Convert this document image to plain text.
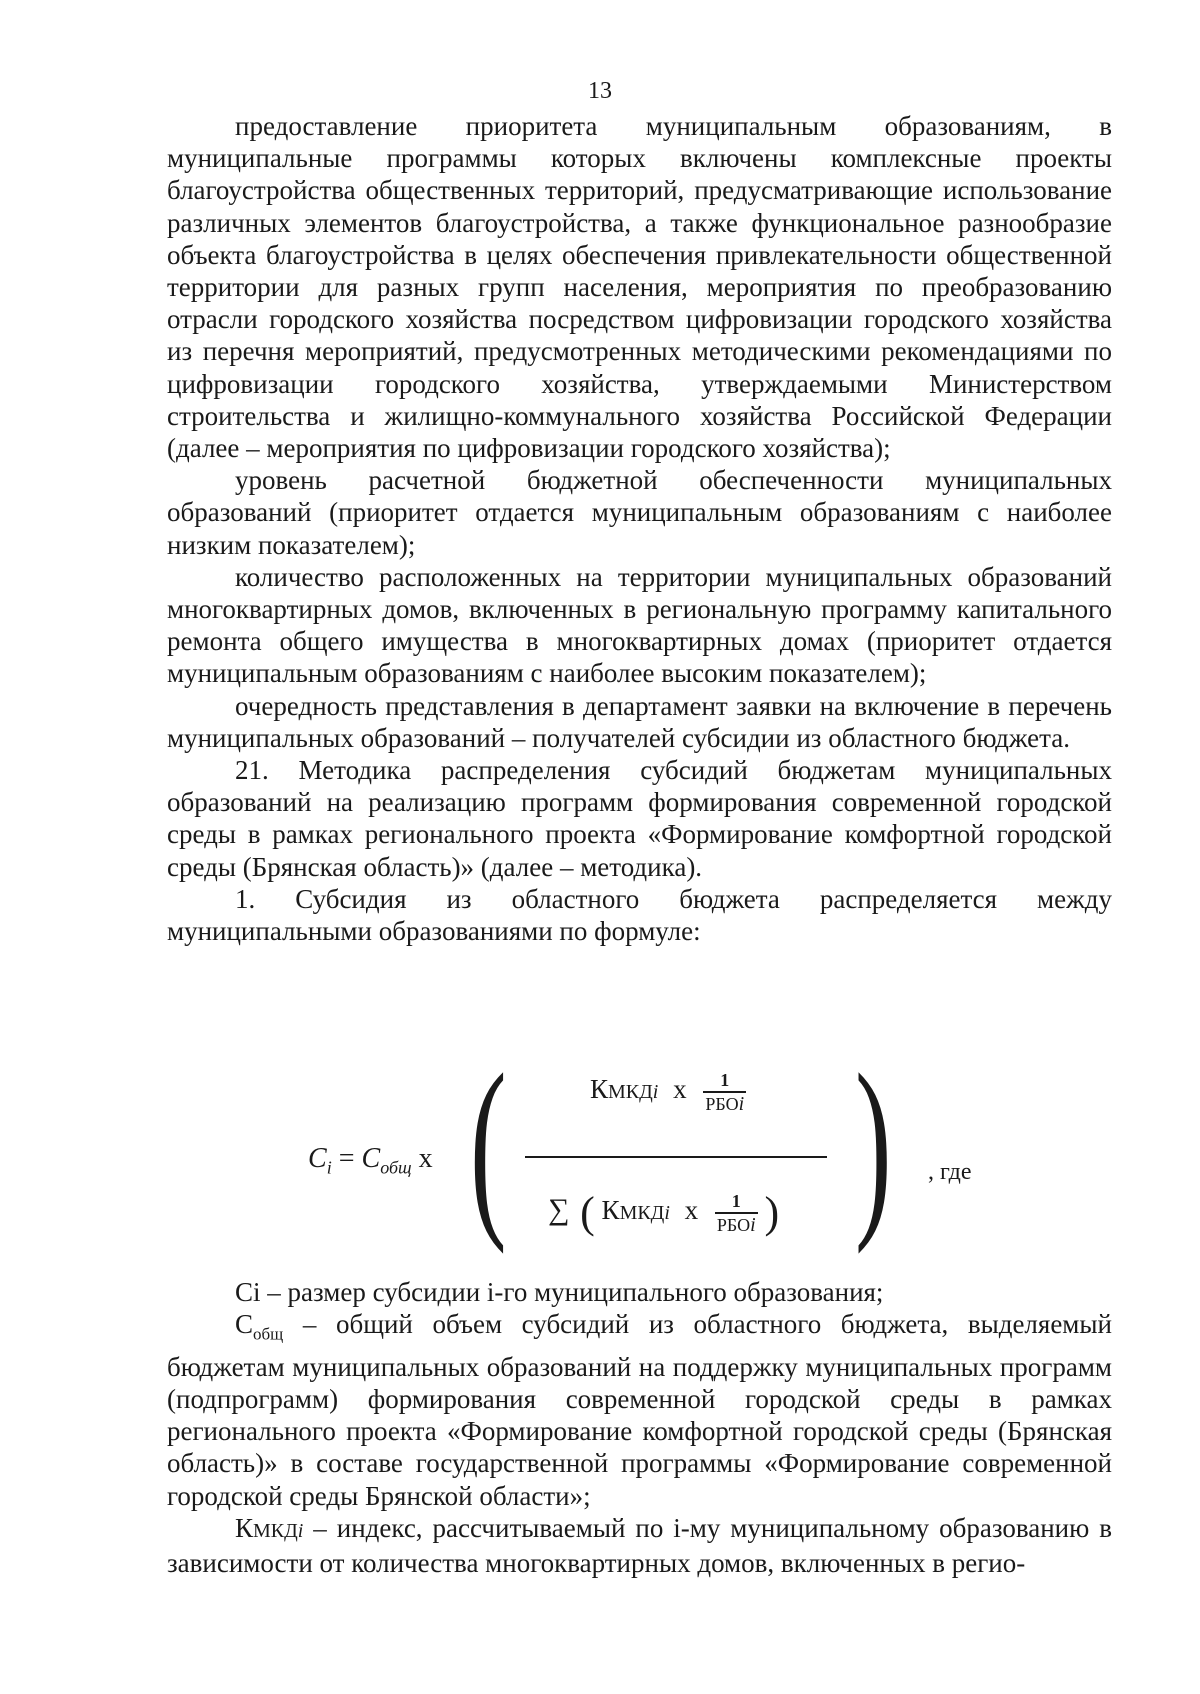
13

предоставление приоритета муниципальным образованиям, в муниципальные программы которых включены комплексные проекты благоустройства общественных территорий, предусматривающие использование различных элементов благоустройства, а также функциональное разнообразие объекта благоустройства в целях обеспечения привлекательности общественной территории для разных групп населения, мероприятия по преобразованию отрасли городского хозяйства посредством цифровизации городского хозяйства из перечня мероприятий, предусмотренных методическими рекомендациями по цифровизации городского хозяйства, утверждаемыми Министерством строительства и жилищно-коммунального хозяйства Российской Федерации (далее – мероприятия по цифровизации городского хозяйства);

уровень расчетной бюджетной обеспеченности муниципальных образований (приоритет отдается муниципальным образованиям с наиболее низким показателем);

количество расположенных на территории муниципальных образований многоквартирных домов, включенных в региональную программу капитального ремонта общего имущества в многоквартирных домах (приоритет отдается муниципальным образованиям с наиболее высоким показателем);

очередность представления в департамент заявки на включение в перечень муниципальных образований – получателей субсидии из областного бюджета.

21. Методика распределения субсидий бюджетам муниципальных образований на реализацию программ формирования современной городской среды в рамках регионального проекта «Формирование комфортной городской среды (Брянская область)» (далее – методика).

1. Субсидия из областного бюджета распределяется между муниципальными образованиями по формуле:

$C_i = C_{общ}$ x (	КМКДi x $\frac{1}{\text{РБОi}}$
∑ ( КМКДi x $\frac{1}{\text{РБОi}}$ ) ) , где

Ci – размер субсидии i-го муниципального образования;

$С_{общ}$ – общий объем субсидий из областного бюджета, выделяемый бюджетам муниципальных образований на поддержку муниципальных программ (подпрограмм) формирования современной городской среды в рамках регионального проекта «Формирование комфортной городской среды (Брянская область)» в составе государственной программы «Формирование современной городской среды Брянской области»;

КМКДi – индекс, рассчитываемый по i-му муниципальному образованию в зависимости от количества многоквартирных домов, включенных в регио-
